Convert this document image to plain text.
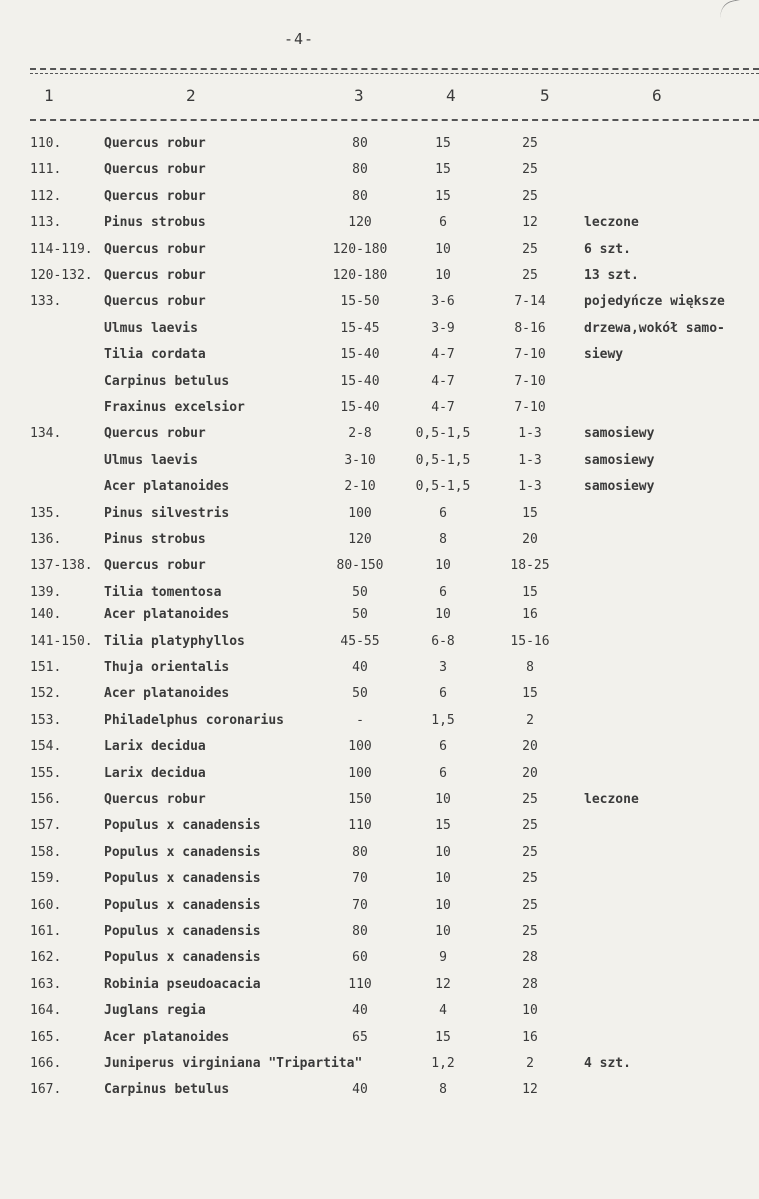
-4-
1	2	3	4	5	6
110.	Quercus robur	80	15	25
111.	Quercus robur	80	15	25
112.	Quercus robur	80	15	25
113.	Pinus strobus	120	6	12	leczone
114-119. Quercus robur	120-180	10	25	6 szt.
120-132. Quercus robur	120-180	10	25	13 szt.
133.	Quercus robur	15-50	3-6	7-14	pojedyńcze większe
Ulmus laevis	15-45	3-9	8-16	drzewa,wokół samo-
Tilia cordata	15-40	4-7	7-10	siewy
Carpinus betulus	15-40	4-7	7-10
Fraxinus excelsior	15-40	4-7	7-10
134.	Quercus robur	2-8	0,5-1,5	1-3	samosiewy
Ulmus laevis	3-10	0,5-1,5	1-3	samosiewy
Acer platanoides	2-10	0,5-1,5	1-3	samosiewy
135.	Pinus silvestris	100	6	15
136.	Pinus strobus	120	8	20
137-138. Quercus robur	80-150	10	18-25
139.	Tilia tomentosa	50	6	15
140.	Acer platanoides	50	10	16
141-150. Tilia platyphyllos	45-55	6-8	15-16
151.	Thuja orientalis	40	3	8
152.	Acer platanoides	50	6	15
153.	Philadelphus coronarius	-	1,5	2
154.	Larix decidua	100	6	20
155.	Larix decidua	100	6	20
156.	Quercus robur	150	10	25	leczone
157.	Populus x canadensis	110	15	25
158.	Populus x canadensis	80	10	25
159.	Populus x canadensis	70	10	25
160.	Populus x canadensis	70	10	25
161.	Populus x canadensis	80	10	25
162.	Populus x canadensis	60	9	28
163.	Robinia pseudoacacia	110	12	28
164.	Juglans regia	40	4	10
165.	Acer platanoides	65	15	16
166.	Juniperus virginiana "Tripartita"	1,2	2	4 szt.
167.	Carpinus betulus	40	8	12
